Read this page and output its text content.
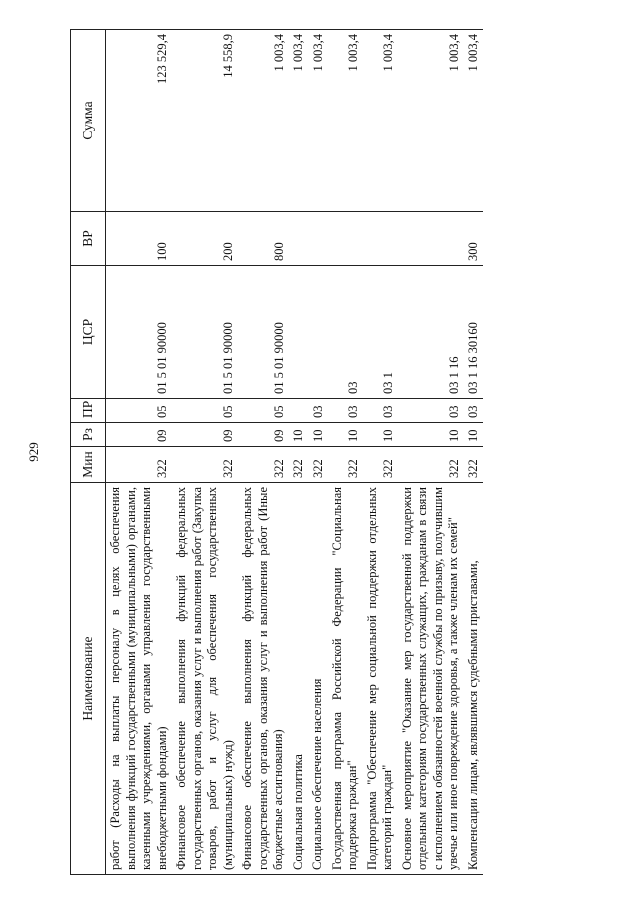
929
Наименование	Мин	Рз	ПР	ЦСР	ВР	Сумма
работ (Расходы на выплаты персоналу в целях обеспечения выполнения функций государственными (муниципальными) органами, казенными учреждениями, органами управления государственными внебюджетными фондами)	322	09	05	01 5 01 90000	100	123 529,4
Финансовое обеспечение выполнения функций федеральных государственных органов, оказания услуг и выполнения работ (Закупка товаров, работ и услуг для обеспечения государственных (муниципальных) нужд)	322	09	05	01 5 01 90000	200	14 558,9
Финансовое обеспечение выполнения функций федеральных государственных органов, оказания услуг и выполнения работ (Иные бюджетные ассигнования)	322	09	05	01 5 01 90000	800	1 003,4
Социальная политика	322	10				1 003,4
Социальное обеспечение населения	322	10	03			1 003,4
Государственная программа Российской Федерации "Социальная поддержка граждан"	322	10	03	03		1 003,4
Подпрограмма "Обеспечение мер социальной поддержки отдельных категорий граждан"	322	10	03	03 1		1 003,4
Основное мероприятие "Оказание мер государственной поддержки отдельным категориям государственных служащих, гражданам в связи с исполнением обязанностей военной службы по призыву, получившим увечье или иное повреждение здоровья, а также членам их семей"	322	10	03	03 1 16		1 003,4
Компенсации лицам, являвшимся судебными приставами,	322	10	03	03 1 16 30160	300	1 003,4
